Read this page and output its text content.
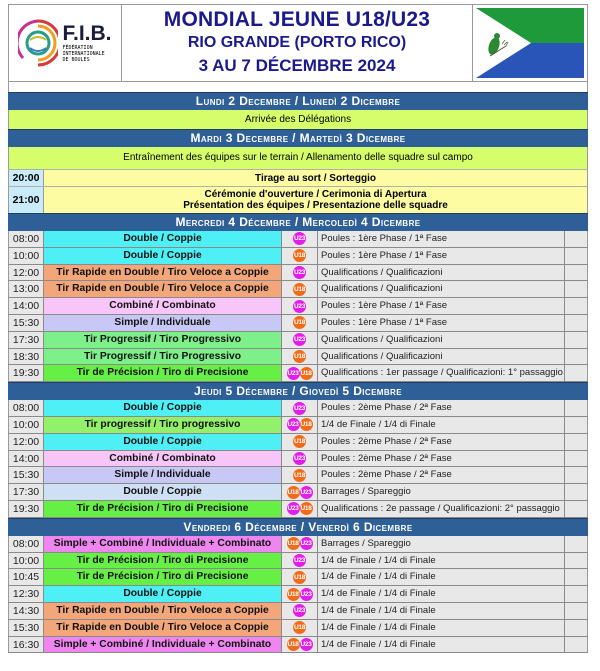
F.I.B.
FÉDÉRATION
INTERNATIONALE
DE BOULES
MONDIAL JEUNE U18/U23
RIO GRANDE (PORTO RICO)
3 AU 7 DÉCEMBRE 2024
Lundi 2 Decembre / Lunedì 2 Dicembre
Arrivée des Délégations
Mardi 3 Decembre / Martedì 3 Dicembre
Entraînement des équipes sur le terrain / Allenamento delle squadre sul campo
20:00	Tirage au sort / Sorteggio
21:00	Cérémonie d'ouverture / Cerimonia di Apertura
Présentation des équipes / Presentazione delle squadre
Mercredi 4 Décembre / Mercoledì 4 Dicembre
08:00	Double / Coppie	U23	Poules : 1ère Phase / 1ª Fase
10:00	Double / Coppie	U18	Poules : 1ère Phase / 1ª Fase
12:00	Tir Rapide en Double / Tiro Veloce a Coppie	U23	Qualifications / Qualificazioni
13:00	Tir Rapide en Double / Tiro Veloce a Coppie	U18	Qualifications / Qualificazioni
14:00	Combiné / Combinato	U23	Poules : 1ère Phase / 1ª Fase
15:30	Simple / Individuale	U18	Poules : 1ère Phase / 1ª Fase
17:30	Tir Progressif / Tiro Progressivo	U23	Qualifications / Qualificazioni
18:30	Tir Progressif / Tiro Progressivo	U18	Qualifications / Qualificazioni
19:30	Tir de Précision / Tiro di Precisione	U23 U18 Qualifications : 1er passage / Qualificazioni: 1° passaggio
Jeudi 5 Décembre / Giovedì 5 Dicembre
08:00	Double / Coppie	U23	Poules : 2ème Phase / 2ª Fase
10:00	Tir progressif / Tiro progressivo	U23 U18 1/4 de Finale / 1/4 di Finale
12:00	Double / Coppie	U18	Poules : 2ème Phase / 2ª Fase
14:00	Combiné / Combinato	U23	Poules : 2ème Phase / 2ª Fase
15:30	Simple / Individuale	U18	Poules : 2ème Phase / 2ª Fase
17:30	Double / Coppie	U18 U23 Barrages / Spareggio
19:30	Tir de Précision / Tiro di Precisione	U23 U18 Qualifications : 2e passage / Qualificazioni: 2° passaggio
Vendredi 6 Décembre / Venerdì 6 Dicembre
08:00	Simple + Combiné / Individuale + Combinato	U18 U23 Barrages / Spareggio
10:00	Tir de Précision / Tiro di Precisione	U23	1/4 de Finale / 1/4 di Finale
10:45	Tir de Précision / Tiro di Precisione	U18	1/4 de Finale / 1/4 di Finale
12:30	Double / Coppie	U18 U23 1/4 de Finale / 1/4 di Finale
14:30	Tir Rapide en Double / Tiro Veloce a Coppie	U23	1/4 de Finale / 1/4 di Finale
15:30	Tir Rapide en Double / Tiro Veloce a Coppie	U18	1/4 de Finale / 1/4 di Finale
16:30	Simple + Combiné / Individuale + Combinato	U18 U23 1/4 de Finale / 1/4 di Finale
